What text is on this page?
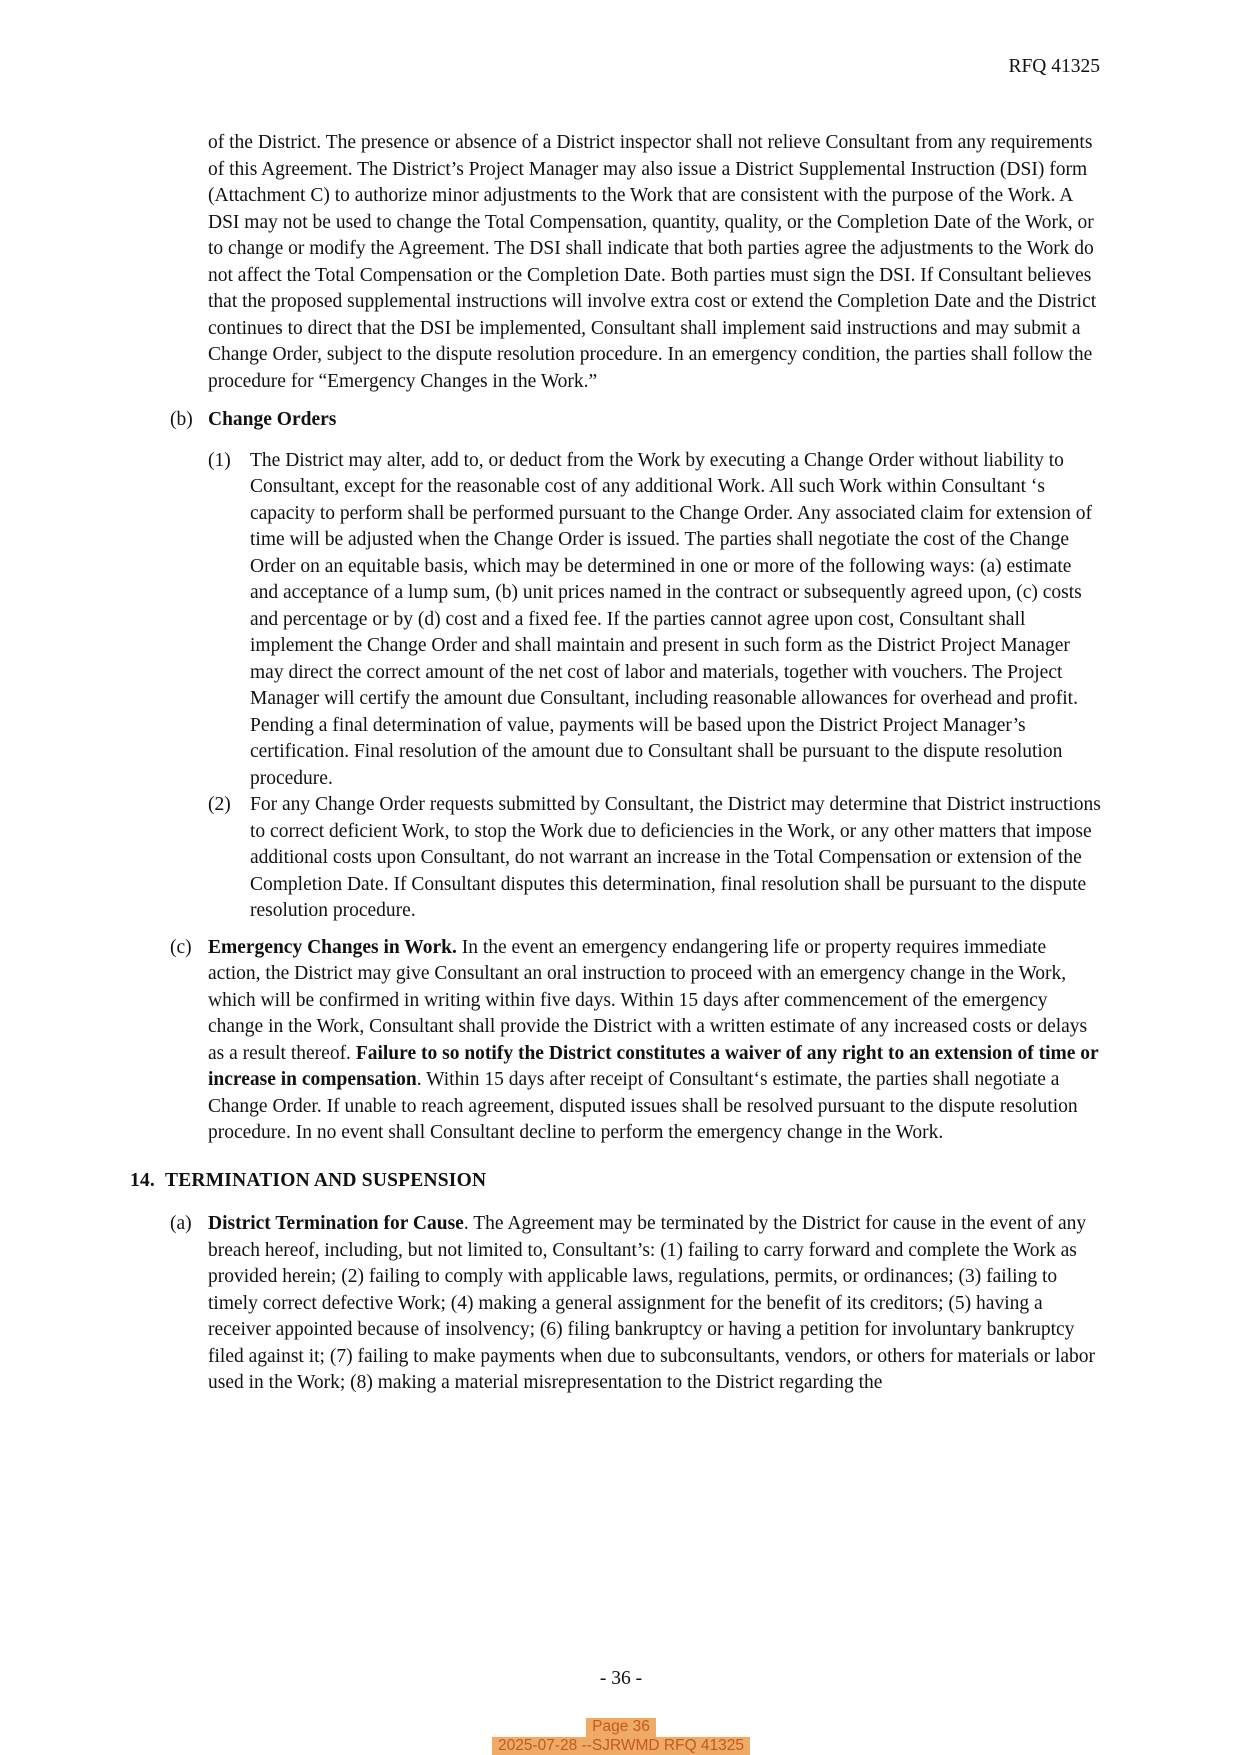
RFQ 41325

of the District. The presence or absence of a District inspector shall not relieve Consultant from any requirements of this Agreement. The District’s Project Manager may also issue a District Supplemental Instruction (DSI) form (Attachment C) to authorize minor adjustments to the Work that are consistent with the purpose of the Work. A DSI may not be used to change the Total Compensation, quantity, quality, or the Completion Date of the Work, or to change or modify the Agreement. The DSI shall indicate that both parties agree the adjustments to the Work do not affect the Total Compensation or the Completion Date. Both parties must sign the DSI. If Consultant believes that the proposed supplemental instructions will involve extra cost or extend the Completion Date and the District continues to direct that the DSI be implemented, Consultant shall implement said instructions and may submit a Change Order, subject to the dispute resolution procedure. In an emergency condition, the parties shall follow the procedure for “Emergency Changes in the Work.”

(b) Change Orders
(1) The District may alter, add to, or deduct from the Work by executing a Change Order without liability to Consultant, except for the reasonable cost of any additional Work. All such Work within Consultant ‘s capacity to perform shall be performed pursuant to the Change Order. Any associated claim for extension of time will be adjusted when the Change Order is issued. The parties shall negotiate the cost of the Change Order on an equitable basis, which may be determined in one or more of the following ways: (a) estimate and acceptance of a lump sum, (b) unit prices named in the contract or subsequently agreed upon, (c) costs and percentage or by (d) cost and a fixed fee. If the parties cannot agree upon cost, Consultant shall implement the Change Order and shall maintain and present in such form as the District Project Manager may direct the correct amount of the net cost of labor and materials, together with vouchers. The Project Manager will certify the amount due Consultant, including reasonable allowances for overhead and profit. Pending a final determination of value, payments will be based upon the District Project Manager’s certification. Final resolution of the amount due to Consultant shall be pursuant to the dispute resolution procedure.
(2) For any Change Order requests submitted by Consultant, the District may determine that District instructions to correct deficient Work, to stop the Work due to deficiencies in the Work, or any other matters that impose additional costs upon Consultant, do not warrant an increase in the Total Compensation or extension of the Completion Date. If Consultant disputes this determination, final resolution shall be pursuant to the dispute resolution procedure.
(c) Emergency Changes in Work. In the event an emergency endangering life or property requires immediate action, the District may give Consultant an oral instruction to proceed with an emergency change in the Work, which will be confirmed in writing within five days. Within 15 days after commencement of the emergency change in the Work, Consultant shall provide the District with a written estimate of any increased costs or delays as a result thereof. Failure to so notify the District constitutes a waiver of any right to an extension of time or increase in compensation. Within 15 days after receipt of Consultant‘s estimate, the parties shall negotiate a Change Order. If unable to reach agreement, disputed issues shall be resolved pursuant to the dispute resolution procedure. In no event shall Consultant decline to perform the emergency change in the Work.
14. TERMINATION AND SUSPENSION
(a) District Termination for Cause. The Agreement may be terminated by the District for cause in the event of any breach hereof, including, but not limited to, Consultant’s: (1) failing to carry forward and complete the Work as provided herein; (2) failing to comply with applicable laws, regulations, permits, or ordinances; (3) failing to timely correct defective Work; (4) making a general assignment for the benefit of its creditors; (5) having a receiver appointed because of insolvency; (6) filing bankruptcy or having a petition for involuntary bankruptcy filed against it; (7) failing to make payments when due to subconsultants, vendors, or others for materials or labor used in the Work; (8) making a material misrepresentation to the District regarding the
- 36 -
Page 36
2025-07-28 --SJRWMD RFQ 41325
